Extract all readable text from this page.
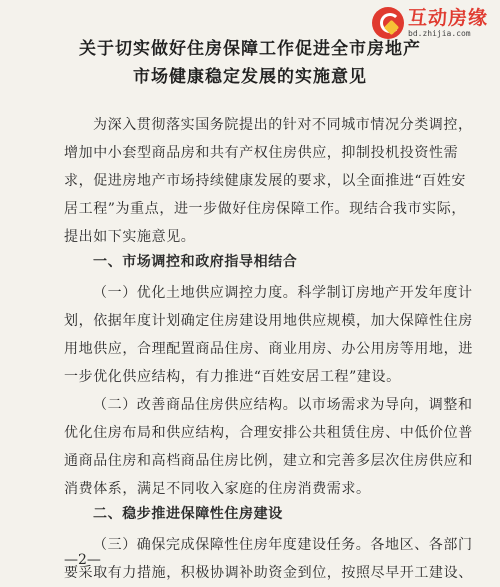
互动房缘
bd.zhijia.com
关于切实做好住房保障工作促进全市房地产
市场健康稳定发展的实施意见
为深入贯彻落实国务院提出的针对不同城市情况分类调控，
增加中小套型商品房和共有产权住房供应，抑制投机投资性需
求，促进房地产市场持续健康发展的要求，以全面推进“百姓安
居工程”为重点，进一步做好住房保障工作。现结合我市实际，
提出如下实施意见。
一、市场调控和政府指导相结合
（一）优化土地供应调控力度。科学制订房地产开发年度计
划，依据年度计划确定住房建设用地供应规模，加大保障性住房
用地供应，合理配置商品住房、商业用房、办公用房等用地，进
一步优化供应结构，有力推进“百姓安居工程”建设。
（二）改善商品住房供应结构。以市场需求为导向，调整和
优化住房布局和供应结构，合理安排公共租赁住房、中低价位普
通商品住房和高档商品住房比例，建立和完善多层次住房供应和
消费体系，满足不同收入家庭的住房消费需求。
二、稳步推进保障性住房建设
（三）确保完成保障性住房年度建设任务。各地区、各部门
要采取有力措施，积极协调补助资金到位，按照尽早开工建设、
—2—
